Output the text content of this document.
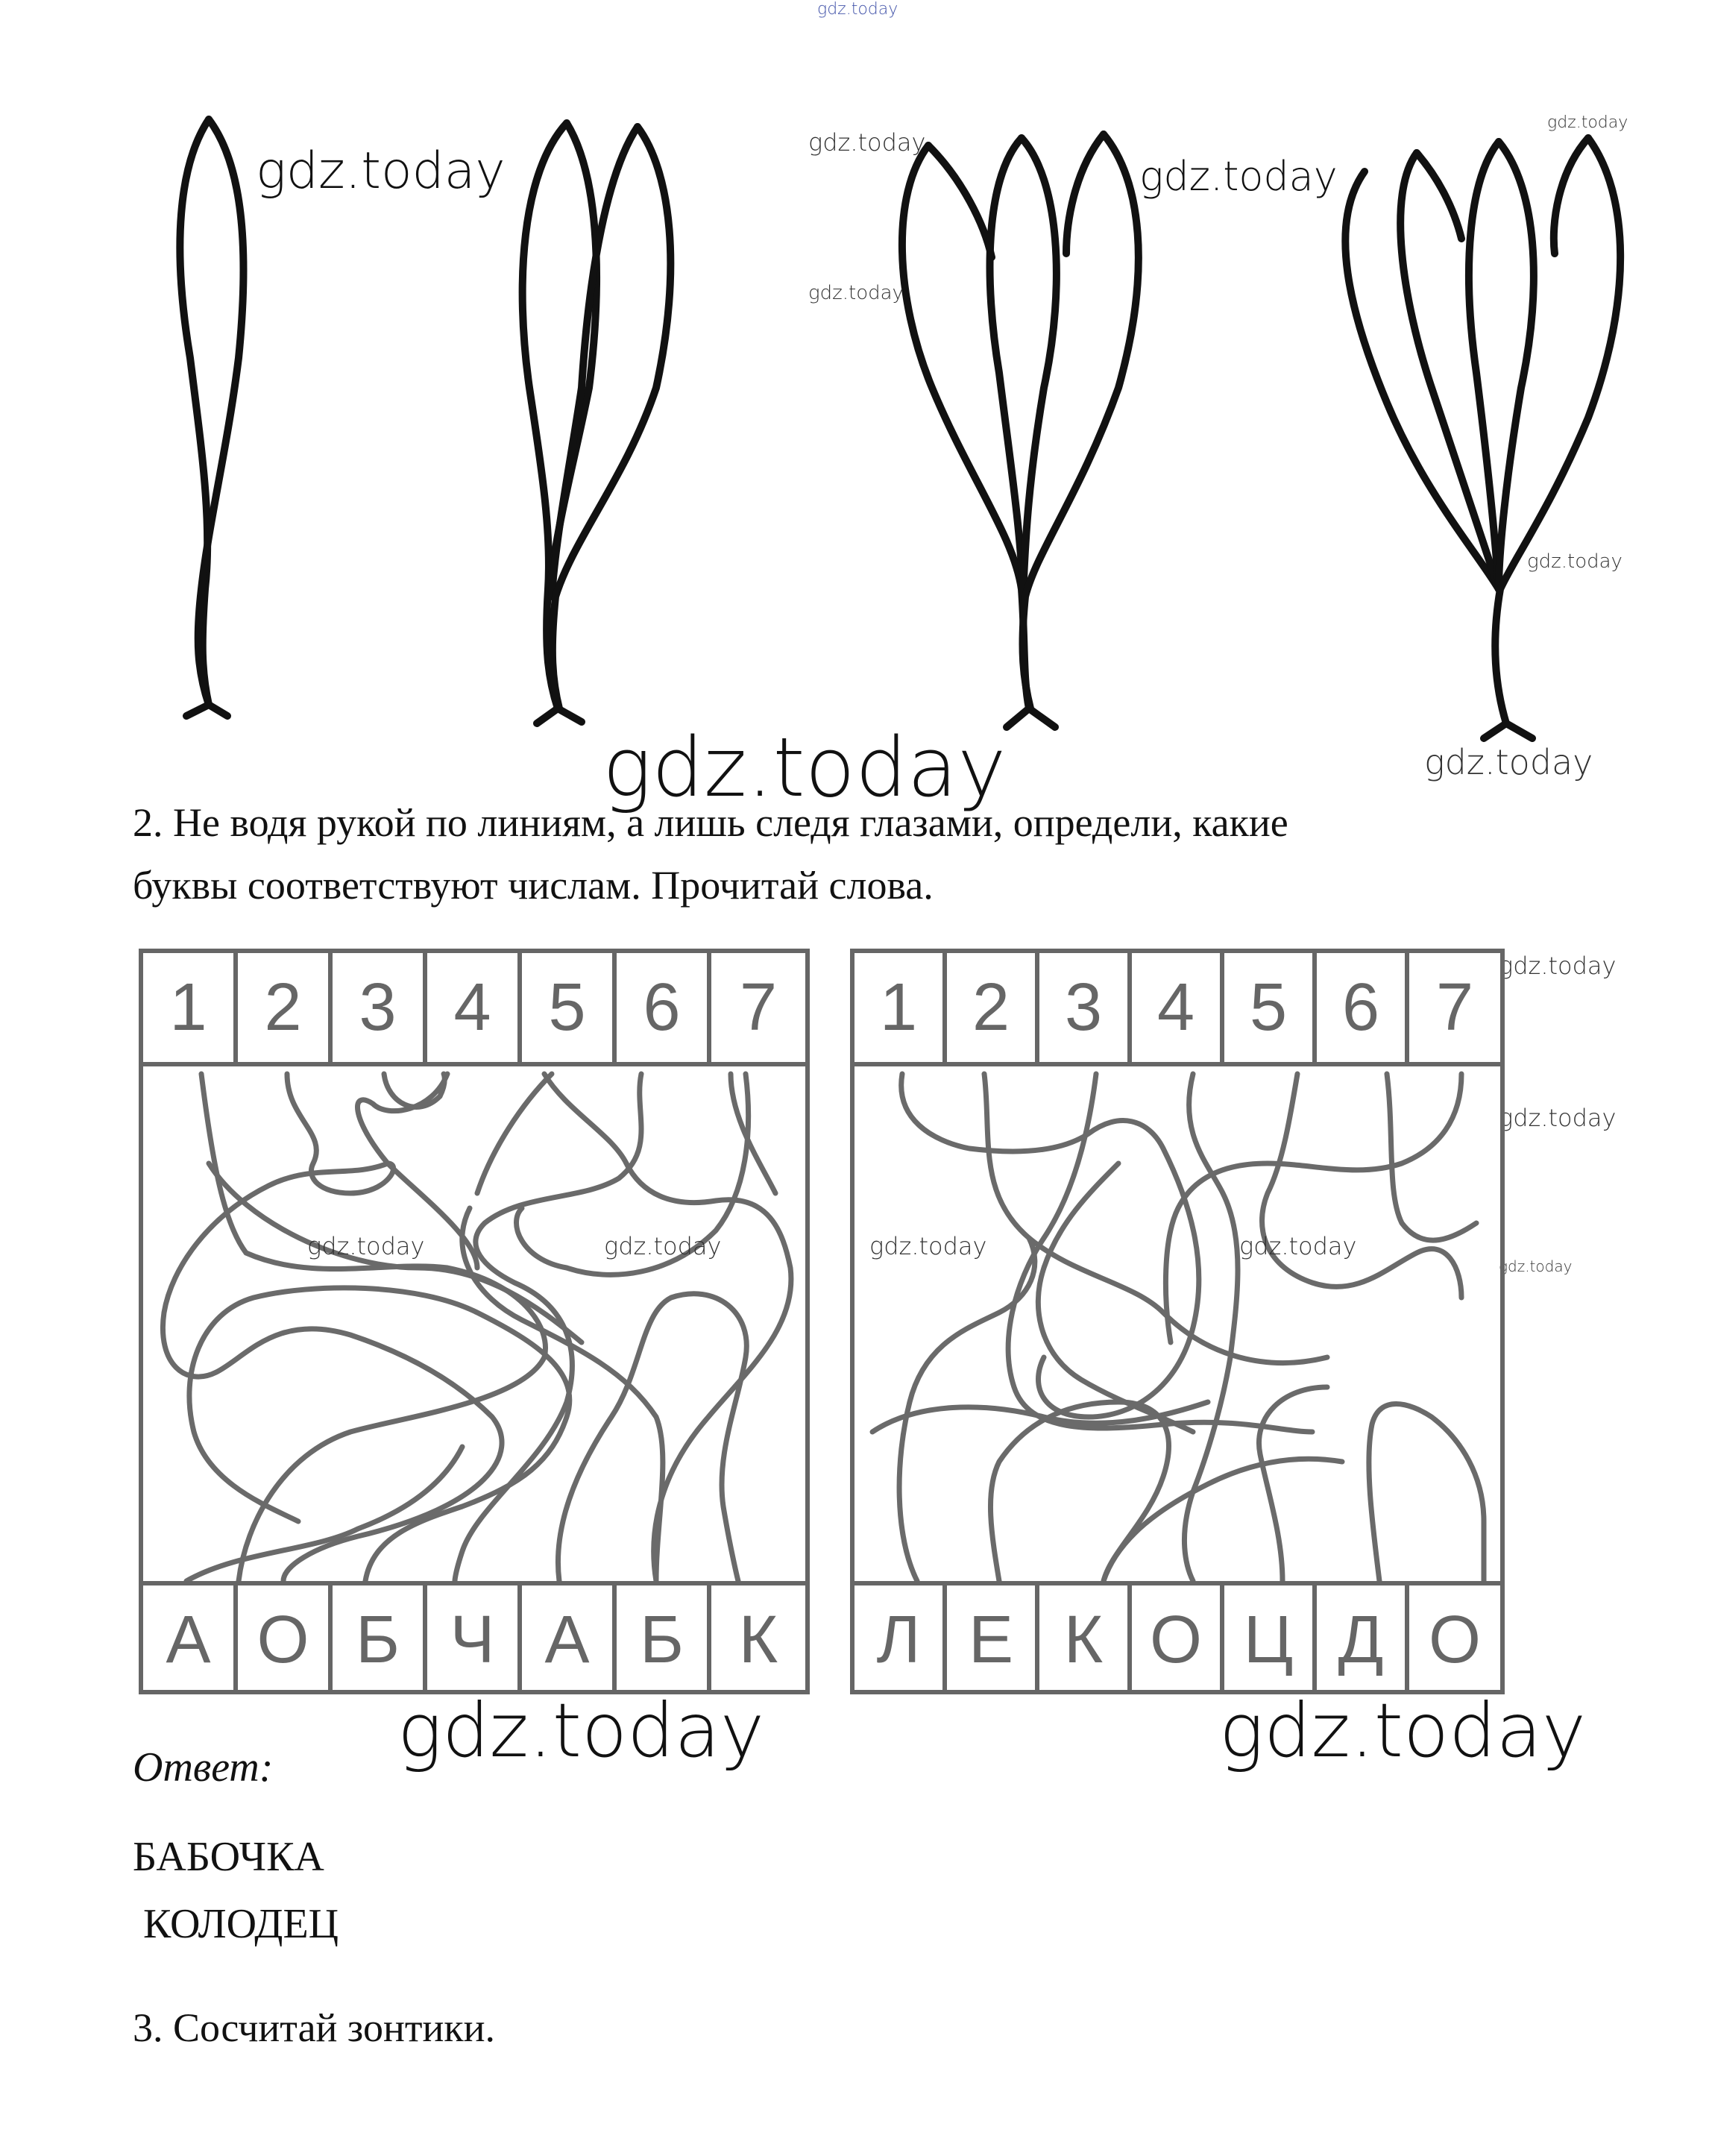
gdz.today
gdz.today	gdz.today
gdz.today
gdz.today
gdz.today
gdz.today
gdz.today	gdz.today
gdz.today
gdz.today
gdz.today
gdz.today	gdz.today	gdz.today	gdz.today
gdz.today	gdz.today
2. Не водя рукой по линиям, а лишь следя глазами, определи, какие
буквы соответствуют числам. Прочитай слова.
1 2 3 4 5 6 7
А О Б Ч А Б К
1 2 3 4 5 6 7
Л Е К О Ц Д О
Ответ:
БАБОЧКА
КОЛОДЕЦ
3. Сосчитай зонтики.
